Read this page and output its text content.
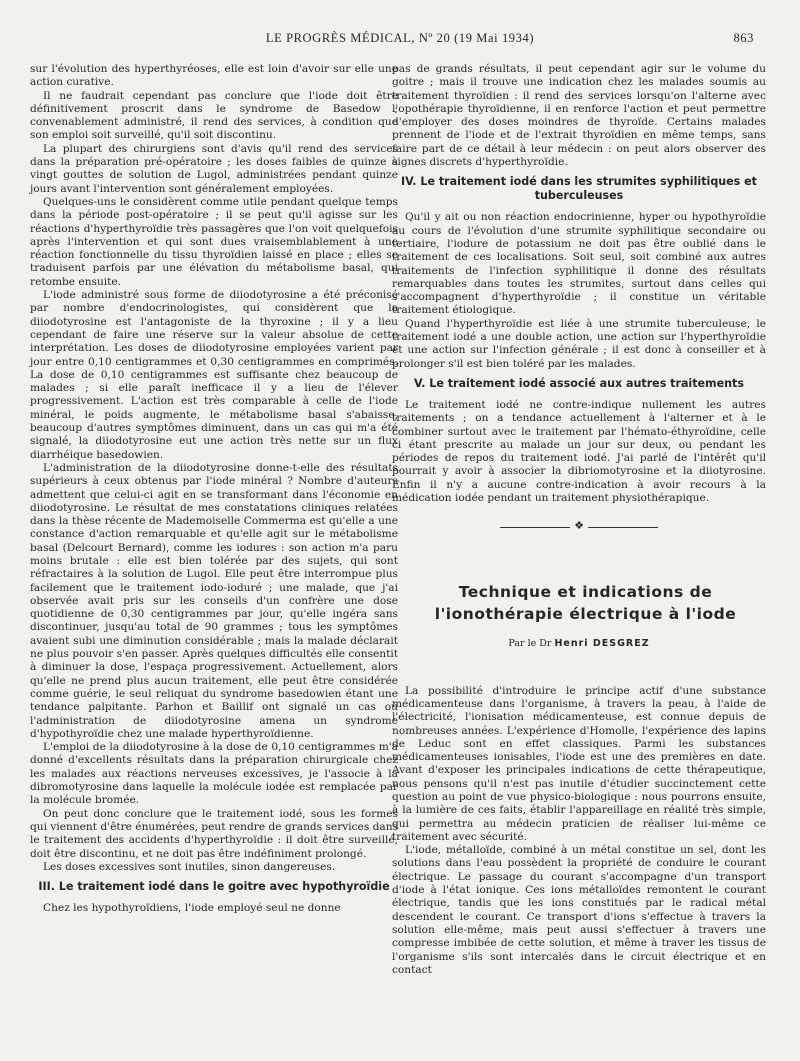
LE PROGRÈS MÉDICAL, Nº 20 (19 Mai 1934)	863

sur l'évolution des hyperthyréoses, elle est loin d'avoir sur elle une action curative.

Il ne faudrait cependant pas conclure que l'iode doit être définitivement proscrit dans le syndrome de Basedow ; convenablement administré, il rend des services, à condition que son emploi soit surveillé, qu'il soit discontinu.

La plupart des chirurgiens sont d'avis qu'il rend des services dans la préparation pré-opératoire ; les doses faibles de quinze à vingt gouttes de solution de Lugol, administrées pendant quinze jours avant l'intervention sont généralement employées.

Quelques-uns le considèrent comme utile pendant quelque temps dans la période post-opératoire ; il se peut qu'il agisse sur les réactions d'hyperthyroïdie très passagères que l'on voit quelquefois après l'intervention et qui sont dues vraisemblablement à une réaction fonctionnelle du tissu thyroïdien laissé en place ; elles se traduisent parfois par une élévation du métabolisme basal, qui retombe ensuite.

L'iode administré sous forme de diiodotyrosine a été préconisé par nombre d'endocrinologistes, qui considèrent que la diiodotyrosine est l'antagoniste de la thyroxine ; il y a lieu cependant de faire une réserve sur la valeur absolue de cette interprétation. Les doses de diiodotyrosine employées varient par jour entre 0,10 centigrammes et 0,30 centigrammes en comprimés. La dose de 0,10 centigrammes est suffisante chez beaucoup de malades ; si elle paraît inefficace il y a lieu de l'élever progressivement. L'action est très comparable à celle de l'iode minéral, le poids augmente, le métabolisme basal s'abaisse, beaucoup d'autres symptômes diminuent, dans un cas qui m'a été signalé, la diiodotyrosine eut une action très nette sur un flux diarrhéique basedowien.

L'administration de la diiodotyrosine donne-t-elle des résultats supérieurs à ceux obtenus par l'iode minéral ? Nombre d'auteurs admettent que celui-ci agit en se transformant dans l'économie en diiodotyrosine. Le résultat de mes constatations cliniques relatées dans la thèse récente de Mademoiselle Commerma est qu'elle a une constance d'action remarquable et qu'elle agit sur le métabolisme basal (Delcourt Bernard), comme les iodures : son action m'a paru moins brutale : elle est bien tolérée par des sujets, qui sont réfractaires à la solution de Lugol. Elle peut être interrompue plus facilement que le traitement iodo-ioduré ; une malade, que j'ai observée avait pris sur les conseils d'un confrère une dose quotidienne de 0,30 centigrammes par jour, qu'elle ingéra sans discontinuer, jusqu'au total de 90 grammes ; tous les symptômes avaient subi une diminution considérable ; mais la malade déclarait ne plus pouvoir s'en passer. Après quelques difficultés elle consentit à diminuer la dose, l'espaça progressivement. Actuellement, alors qu'elle ne prend plus aucun traitement, elle peut être considérée comme guérie, le seul reliquat du syndrome basedowien étant une tendance palpitante. Parhon et Baillif ont signalé un cas où l'administration de diiodotyrosine amena un syndrome d'hypothyroïdie chez une malade hyperthyroïdienne.

L'emploi de la diiodotyrosine à la dose de 0,10 centigrammes m'a donné d'excellents résultats dans la préparation chirurgicale chez les malades aux réactions nerveuses excessives, je l'associe à la dibromotyrosine dans laquelle la molécule iodée est remplacée par la molécule bromée.

On peut donc conclure que le traitement iodé, sous les formes qui viennent d'être énumérées, peut rendre de grands services dans le traitement des accidents d'hyperthyroïdie : il doit être surveillé, doit être discontinu, et ne doit pas être indéfiniment prolongé.

Les doses excessives sont inutiles, sinon dangereuses.

III. Le traitement iodé dans le goitre avec hypothyroïdie

Chez les hypothyroïdiens, l'iode employé seul ne donne

pas de grands résultats, il peut cependant agir sur le volume du goitre ; mais il trouve une indication chez les malades soumis au traitement thyroïdien : il rend des services lorsqu'on l'alterne avec l'opothérapie thyroïdienne, il en renforce l'action et peut permettre d'employer des doses moindres de thyroïde. Certains malades prennent de l'iode et de l'extrait thyroïdien en même temps, sans faire part de ce détail à leur médecin : on peut alors observer des signes discrets d'hyperthyroïdie.

IV. Le traitement iodé dans les strumites syphilitiques et tuberculeuses

Qu'il y ait ou non réaction endocrinienne, hyper ou hypothyroïdie au cours de l'évolution d'une strumite syphilitique secondaire ou tertiaire, l'iodure de potassium ne doit pas être oublié dans le traitement de ces localisations. Soit seul, soit combiné aux autres traitements de l'infection syphilitique il donne des résultats remarquables dans toutes les strumites, surtout dans celles qui s'accompagnent d'hyperthyroïdie ; il constitue un véritable traitement étiologique.

Quand l'hyperthyroïdie est liée à une strumite tuberculeuse, le traitement iodé a une double action, une action sur l'hyperthyroïdie et une action sur l'infection générale ; il est donc à conseiller et à prolonger s'il est bien toléré par les malades.

V. Le traitement iodé associé aux autres traitements

Le traitement iodé ne contre-indique nullement les autres traitements ; on a tendance actuellement à l'alterner et à le combiner surtout avec le traitement par l'hémato-éthyroïdine, celle ci étant prescrite au malade un jour sur deux, ou pendant les périodes de repos du traitement iodé. J'ai parlé de l'intérêt qu'il pourrait y avoir à associer la dibriomotyrosine et la diiotyrosine. Enfin il n'y a aucune contre-indication à avoir recours à la médication iodée pendant un traitement physiothérapique.

❖

Technique et indications de

l'ionothérapie électrique à l'iode

Par le Dr Henri DESGREZ

La possibilité d'introduire le principe actif d'une substance médicamenteuse dans l'organisme, à travers la peau, à l'aide de l'électricité, l'ionisation médicamenteuse, est connue depuis de nombreuses années. L'expérience d'Homolle, l'expérience des lapins de Leduc sont en effet classiques. Parmi les substances médicamenteuses ionisables, l'iode est une des premières en date. Avant d'exposer les principales indications de cette thérapeutique, nous pensons qu'il n'est pas inutile d'étudier succinctement cette question au point de vue physico-biologique : nous pourrons ensuite, à la lumière de ces faits, établir l'appareillage en réalité très simple, qui permettra au médecin praticien de réaliser lui-même ce traitement avec sécurité.

L'iode, métalloïde, combiné à un métal constitue un sel, dont les solutions dans l'eau possèdent la propriété de conduire le courant électrique. Le passage du courant s'accompagne d'un transport d'iode à l'état ionique. Ces ions métalloïdes remontent le courant électrique, tandis que les ions constitués par le radical métal descendent le courant. Ce transport d'ions s'effectue à travers la solution elle-même, mais peut aussi s'effectuer à travers une compresse imbibée de cette solution, et même à traver les tissus de l'organisme s'ils sont intercalés dans le circuit électrique et en contact
